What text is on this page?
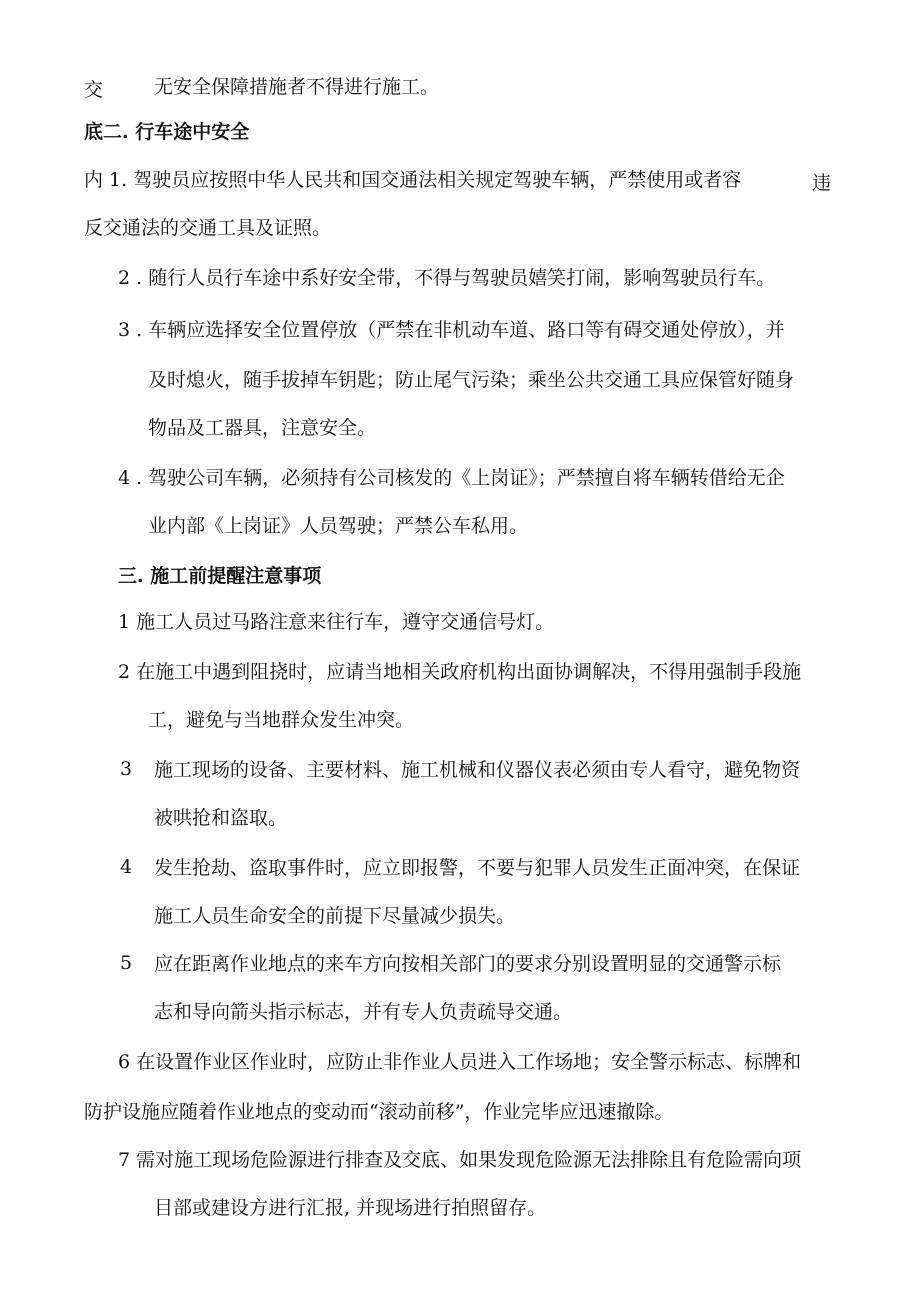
交	无安全保障措施者不得进行施工。
底二. 行车途中安全
内 1. 驾驶员应按照中华人民共和国交通法相关规定驾驶车辆，严禁使用或者容	违
反交通法的交通工具及证照。
2 . 随行人员行车途中系好安全带，不得与驾驶员嬉笑打闹，影响驾驶员行车。
3 . 车辆应选择安全位置停放（严禁在非机动车道、路口等有碍交通处停放），并
及时熄火，随手拔掉车钥匙；防止尾气污染；乘坐公共交通工具应保管好随身
物品及工器具，注意安全。
4 . 驾驶公司车辆，必须持有公司核发的《上岗证》；严禁擅自将车辆转借给无企
业内部《上岗证》人员驾驶；严禁公车私用。
三. 施工前提醒注意事项
1 施工人员过马路注意来往行车，遵守交通信号灯。
2 在施工中遇到阻挠时，应请当地相关政府机构出面协调解决，不得用强制手段施
工，避免与当地群众发生冲突。
3 施工现场的设备、主要材料、施工机械和仪器仪表必须由专人看守，避免物资
被哄抢和盗取。
4 发生抢劫、盗取事件时，应立即报警，不要与犯罪人员发生正面冲突，在保证
施工人员生命安全的前提下尽量减少损失。
5 应在距离作业地点的来车方向按相关部门的要求分别设置明显的交通警示标
志和导向箭头指示标志，并有专人负责疏导交通。
6 在设置作业区作业时，应防止非作业人员进入工作场地；安全警示标志、标牌和
防护设施应随着作业地点的变动而“滚动前移”，作业完毕应迅速撤除。
7 需对施工现场危险源进行排查及交底、如果发现危险源无法排除且有危险需向项
目部或建设方进行汇报, 并现场进行拍照留存。
